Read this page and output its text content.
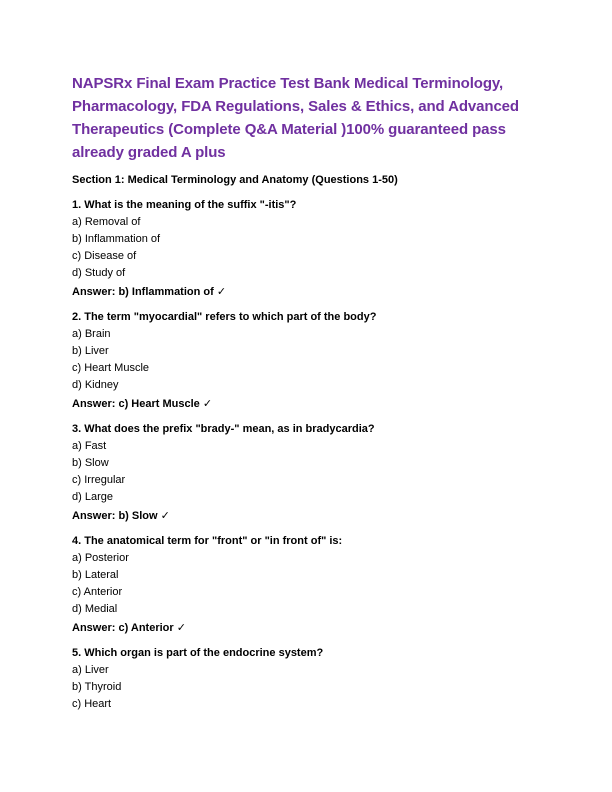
NAPSRx Final Exam Practice Test Bank Medical Terminology, Pharmacology, FDA Regulations, Sales & Ethics, and Advanced Therapeutics (Complete Q&A Material )100% guaranteed pass already graded A plus
Section 1: Medical Terminology and Anatomy (Questions 1-50)
1. What is the meaning of the suffix "-itis"?
a) Removal of
b) Inflammation of
c) Disease of
d) Study of
Answer: b) Inflammation of ✓
2. The term "myocardial" refers to which part of the body?
a) Brain
b) Liver
c) Heart Muscle
d) Kidney
Answer: c) Heart Muscle ✓
3. What does the prefix "brady-" mean, as in bradycardia?
a) Fast
b) Slow
c) Irregular
d) Large
Answer: b) Slow ✓
4. The anatomical term for "front" or "in front of" is:
a) Posterior
b) Lateral
c) Anterior
d) Medial
Answer: c) Anterior ✓
5. Which organ is part of the endocrine system?
a) Liver
b) Thyroid
c) Heart
